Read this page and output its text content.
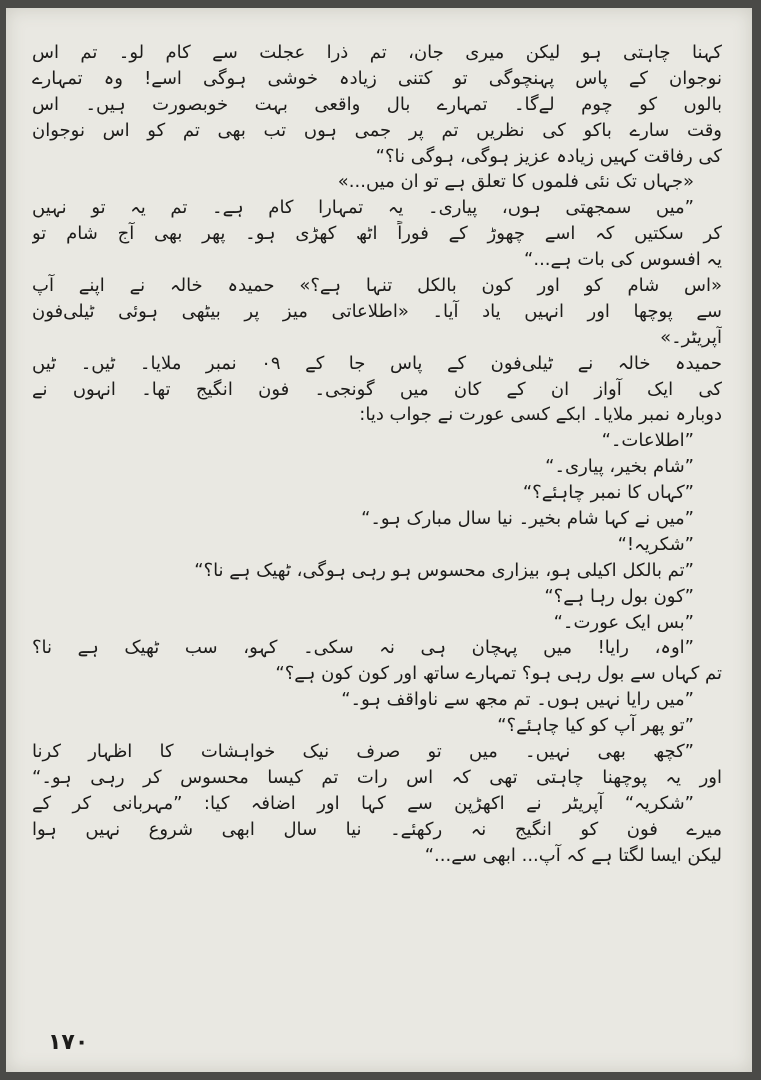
کہنا چاہتی ہو لیکن میری جان، تم ذرا عجلت سے کام لو۔ تم اس
نوجوان کے پاس پہنچوگی تو کتنی زیادہ خوشی ہوگی اسے! وہ تمہارے
بالوں کو چوم لےگا۔ تمہارے بال واقعی بہت خوبصورت ہیں۔ اس
وقت سارے باکو کی نظریں تم پر جمی ہوں تب بھی تم کو اس نوجوان
کی رفاقت کہیں زیادہ عزیز ہوگی، ہوگی نا؟“
«جہاں تک نئی فلموں کا تعلق ہے تو ان میں...»
”میں سمجھتی ہوں، پیاری۔ یہ تمہارا کام ہے۔ تم یہ تو نہیں
کر سکتیں کہ اسے چھوڑ کے فوراً اٹھ کھڑی ہو۔ پھر بھی آج شام تو
یہ افسوس کی بات ہے...“
«اس شام کو اور کون بالکل تنہا ہے؟» حمیدہ خالہ نے اپنے آپ
سے پوچھا اور انہیں یاد آیا۔ «اطلاعاتی میز پر بیٹھی ہوئی ٹیلی‌فون
آپریٹر۔»
حمیدہ خالہ نے ٹیلی‌فون کے پاس جا کے ۰۹ نمبر ملایا۔ ٹیں۔ ٹیں
کی ایک آواز ان کے کان میں گونجی۔ فون انگیج تھا۔ انہوں نے
دوبارہ نمبر ملایا۔ ابکے کسی عورت نے جواب دیا:
”اطلاعات۔“
”شام بخیر، پیاری۔“
”کہاں کا نمبر چاہئے؟“
”میں نے کہا شام بخیر۔ نیا سال مبارک ہو۔“
”شکریہ!“
”تم بالکل اکیلی ہو، بیزاری محسوس ہو رہی ہوگی، ٹھیک ہے نا؟“
”کون بول رہا ہے؟“
”بس ایک عورت۔“
”اوہ، رایا! میں پہچان ہی نہ سکی۔ کہو، سب ٹھیک ہے نا؟
تم کہاں سے بول رہی ہو؟ تمہارے ساتھ اور کون کون ہے؟“
”میں رایا نہیں ہوں۔ تم مجھ سے ناواقف ہو۔“
”تو پھر آپ کو کیا چاہئے؟“
”کچھ بھی نہیں۔ میں تو صرف نیک خواہشات کا اظہار کرنا
اور یہ پوچھنا چاہتی تھی کہ اس رات تم کیسا محسوس کر رہی ہو۔“
”شکریہ“ آپریٹر نے اکھڑپن سے کہا اور اضافہ کیا: ”مہربانی کر کے
میرے فون کو انگیج نہ رکھئے۔ نیا سال ابھی شروع نہیں ہوا
لیکن ایسا لگتا ہے کہ آپ... ابھی سے...“
۱۷۰
